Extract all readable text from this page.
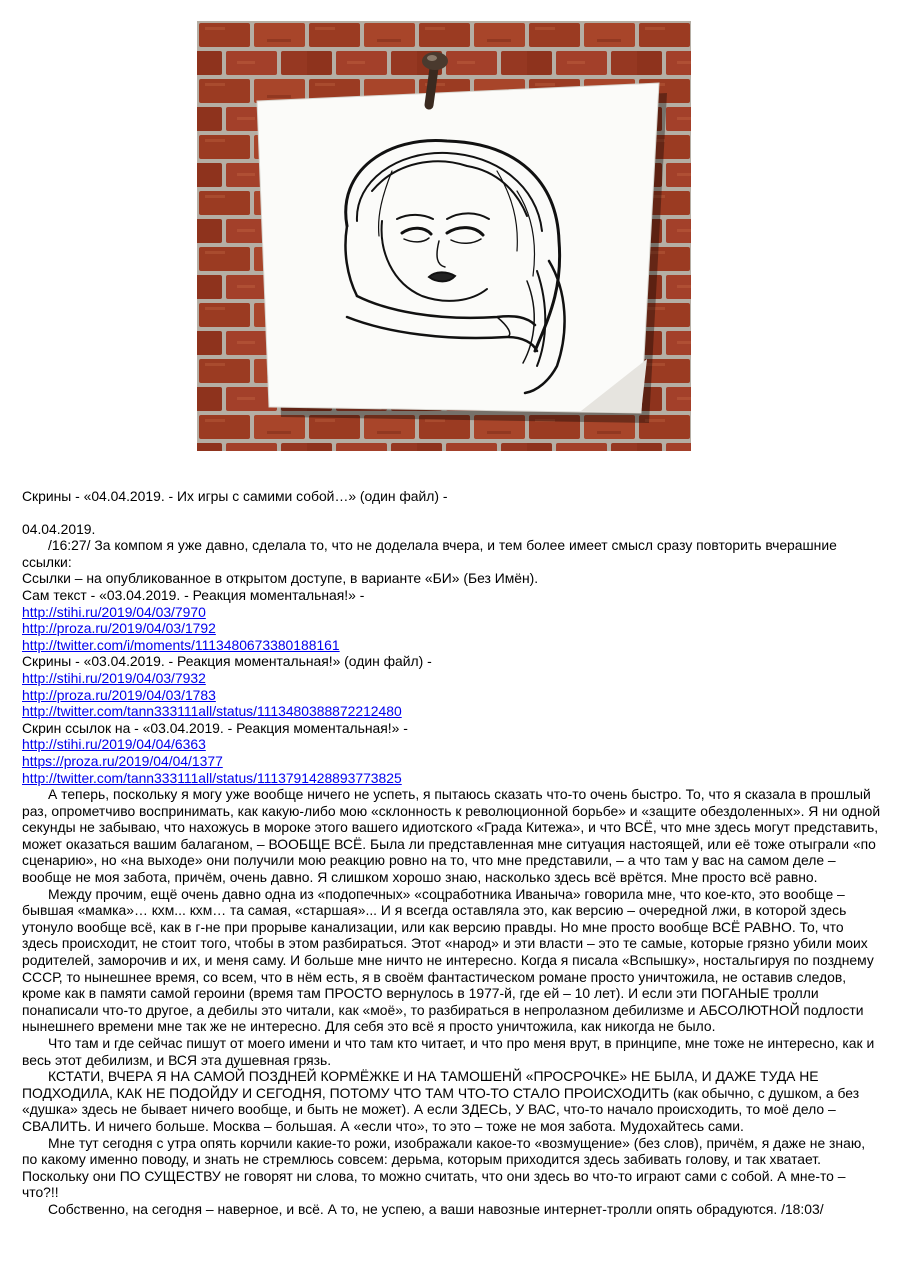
Скрины - «04.04.2019. - Их игры с самими собой…» (один файл) -

04.04.2019.

/16:27/ За компом я уже давно, сделала то, что не доделала вчера, и тем более имеет смысл сразу повторить вчерашние ссылки:

Ссылки – на опубликованное в открытом доступе, в варианте «БИ» (Без Имён).

Сам текст - «03.04.2019. - Реакция моментальная!» -

http://stihi.ru/2019/04/03/7970
http://proza.ru/2019/04/03/1792
http://twitter.com/i/moments/1113480673380188161

Скрины - «03.04.2019. - Реакция моментальная!» (один файл) -

http://stihi.ru/2019/04/03/7932
http://proza.ru/2019/04/03/1783
http://twitter.com/tann333111all/status/1113480388872212480

Скрин ссылок на - «03.04.2019. - Реакция моментальная!» -

http://stihi.ru/2019/04/04/6363
https://proza.ru/2019/04/04/1377
http://twitter.com/tann333111all/status/1113791428893773825

А теперь, поскольку я могу уже вообще ничего не успеть, я пытаюсь сказать что-то очень быстро. То, что я сказала в прошлый раз, опрометчиво воспринимать, как какую-либо мою «склонность к революционной борьбе» и «защите обездоленных». Я ни одной секунды не забываю, что нахожусь в мороке этого вашего идиотского «Града Китежа», и что ВСЁ, что мне здесь могут представить, может оказаться вашим балаганом, – ВООБЩЕ ВСЁ. Была ли представленная мне ситуация настоящей, или её тоже отыграли «по сценарию», но «на выходе» они получили мою реакцию ровно на то, что мне представили, – а что там у вас на самом деле – вообще не моя забота, причём, очень давно. Я слишком хорошо знаю, насколько здесь всё врётся. Мне просто всё равно.

Между прочим, ещё очень давно одна из «подопечных» «соцработника Иваныча» говорила мне, что кое-кто, это вообще – бывшая «мамка»… кхм... кхм… та самая, «старшая»... И я всегда оставляла это, как версию – очередной лжи, в которой здесь утонуло вообще всё, как в г-не при прорыве канализации, или как версию правды. Но мне просто вообще ВСЁ РАВНО. То, что здесь происходит, не стоит того, чтобы в этом разбираться. Этот «народ» и эти власти – это те самые, которые грязно убили моих родителей, заморочив и их, и меня саму. И больше мне ничто не интересно. Когда я писала «Вспышку», ностальгируя по позднему СССР, то нынешнее время, со всем, что в нём есть, я в своём фантастическом романе просто уничтожила, не оставив следов, кроме как в памяти самой героини (время там ПРОСТО вернулось в 1977-й, где ей – 10 лет). И если эти ПОГАНЫЕ тролли понаписали что-то другое, а дебилы это читали, как «моё», то разбираться в непролазном дебилизме и АБСОЛЮТНОЙ подлости нынешнего времени мне так же не интересно. Для себя это всё я просто уничтожила, как никогда не было.

Что там и где сейчас пишут от моего имени и что там кто читает, и что про меня врут, в принципе, мне тоже не интересно, как и весь этот дебилизм, и ВСЯ эта душевная грязь.

КСТАТИ, ВЧЕРА Я НА САМОЙ ПОЗДНЕЙ КОРМЁЖКЕ И НА ТАМОШЕНЙ «ПРОСРОЧКЕ» НЕ БЫЛА, И ДАЖЕ ТУДА НЕ ПОДХОДИЛА, КАК НЕ ПОДОЙДУ И СЕГОДНЯ, ПОТОМУ ЧТО ТАМ ЧТО-ТО СТАЛО ПРОИСХОДИТЬ (как обычно, с душком, а без «душка» здесь не бывает ничего вообще, и быть не может). А если ЗДЕСЬ, У ВАС, что-то начало происходить, то моё дело – СВАЛИТЬ. И ничего больше. Москва – большая. А «если что», то это – тоже не моя забота. Мудохайтесь сами.

Мне тут сегодня с утра опять корчили какие-то рожи, изображали какое-то «возмущение» (без слов), причём, я даже не знаю, по какому именно поводу, и знать не стремлюсь совсем: дерьма, которым приходится здесь забивать голову, и так хватает. Поскольку они ПО СУЩЕСТВУ не говорят ни слова, то можно считать, что они здесь во что-то играют сами с собой. А мне-то – что?!!

Собственно, на сегодня – наверное, и всё. А то, не успею, а ваши навозные интернет-тролли опять обрадуются. /18:03/
